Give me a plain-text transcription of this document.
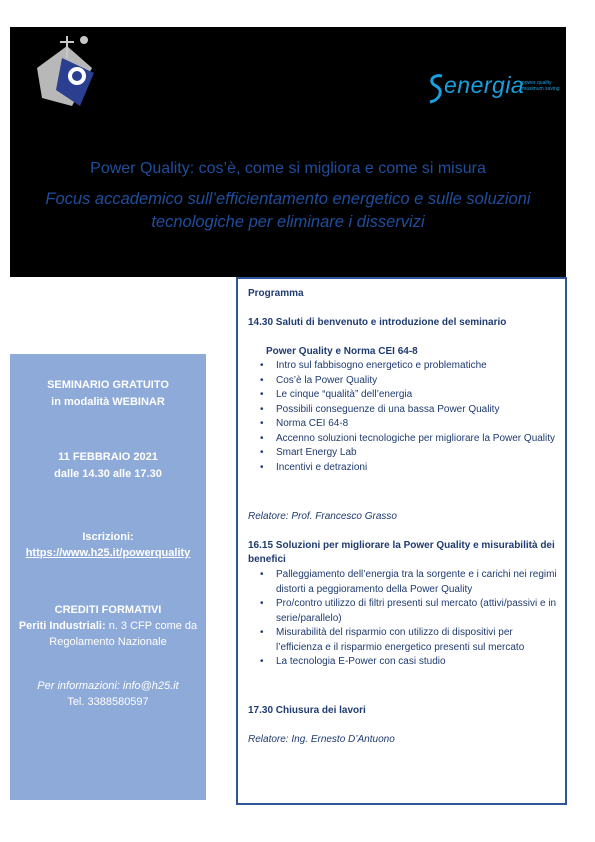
energia
power quality · maximum saving
Power Quality: cos’è, come si migliora e come si misura
Focus accademico sull’efficientamento energetico e sulle soluzioni tecnologiche per eliminare i disservizi
SEMINARIO GRATUITO
in modalità WEBINAR
11 FEBBRAIO 2021
dalle 14.30 alle 17.30
Iscrizioni:
https://www.h25.it/powerquality
CREDITI FORMATIVI
Periti Industriali: n. 3 CFP come da
Regolamento Nazionale
Per informazioni: info@h25.it
Tel. 3388580597
Programma
14.30 Saluti di benvenuto e introduzione del seminario
Power Quality e Norma CEI 64-8
• Intro sul fabbisogno energetico e problematiche
• Cos’è la Power Quality
• Le cinque “qualità” dell’energia
• Possibili conseguenze di una bassa Power Quality
• Norma CEI 64-8
• Accenno soluzioni tecnologiche per migliorare la Power Quality
• Smart Energy Lab
• Incentivi e detrazioni
Relatore: Prof. Francesco Grasso
16.15 Soluzioni per migliorare la Power Quality e misurabilità dei benefici
• Palleggiamento dell’energia tra la sorgente e i carichi nei regimi distorti a peggioramento della Power Quality
• Pro/contro utilizzo di filtri presenti sul mercato (attivi/passivi e in serie/parallelo)
• Misurabilità del risparmio con utilizzo di dispositivi per l’efficienza e il risparmio energetico presenti sul mercato
• La tecnologia E-Power con casi studio
17.30 Chiusura dei lavori
Relatore: Ing. Ernesto D’Antuono
